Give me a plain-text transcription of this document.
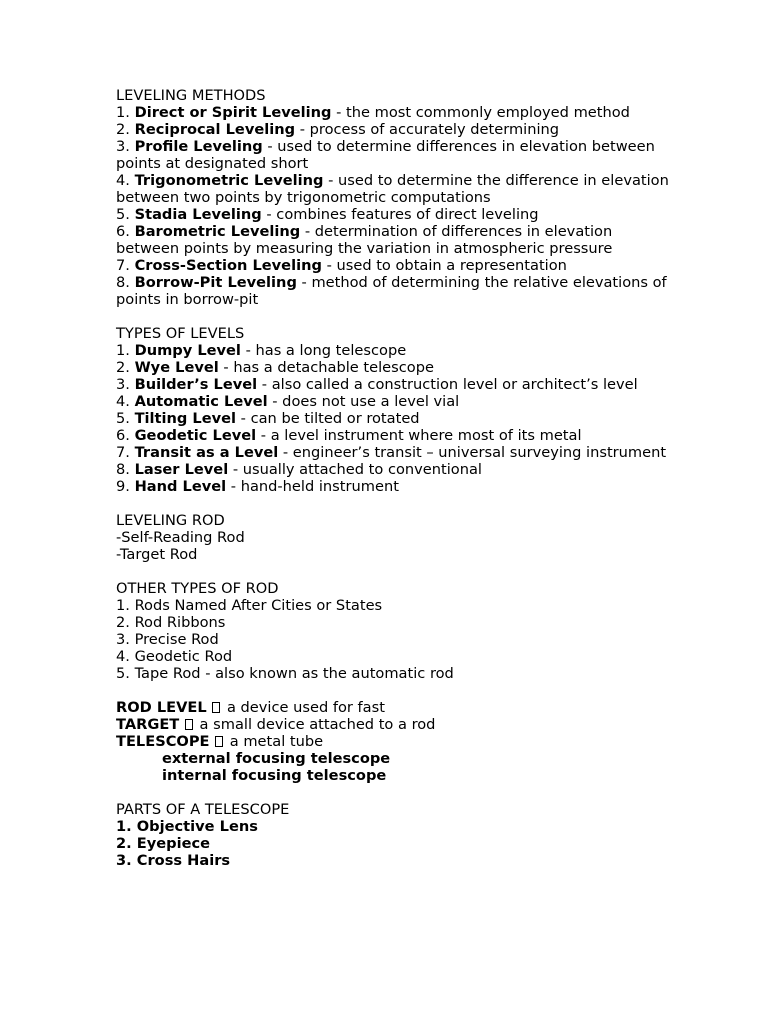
LEVELING METHODS
1. Direct or Spirit Leveling - the most commonly employed method
2. Reciprocal Leveling - process of accurately determining
3. Profile Leveling - used to determine differences in elevation between points at designated short
4. Trigonometric Leveling - used to determine the difference in elevation between two points by trigonometric computations
5. Stadia Leveling - combines features of direct leveling
6. Barometric Leveling - determination of differences in elevation between points by measuring the variation in atmospheric pressure
7. Cross-Section Leveling - used to obtain a representation
8. Borrow-Pit Leveling - method of determining the relative elevations of points in borrow-pit
TYPES OF LEVELS
1. Dumpy Level - has a long telescope
2. Wye Level - has a detachable telescope
3. Builder’s Level - also called a construction level or architect’s level
4. Automatic Level - does not use a level vial
5. Tilting Level - can be tilted or rotated
6. Geodetic Level - a level instrument where most of its metal
7. Transit as a Level - engineer’s transit – universal surveying instrument
8. Laser Level - usually attached to conventional
9. Hand Level - hand-held instrument
LEVELING ROD
-Self-Reading Rod
-Target Rod
OTHER TYPES OF ROD
1. Rods Named After Cities or States
2. Rod Ribbons
3. Precise Rod
4. Geodetic Rod
5. Tape Rod - also known as the automatic rod
ROD LEVEL  a device used for fast
TARGET  a small device attached to a rod
TELESCOPE  a metal tube
external focusing telescope
internal focusing telescope
PARTS OF A TELESCOPE
1. Objective Lens
2. Eyepiece
3. Cross Hairs
